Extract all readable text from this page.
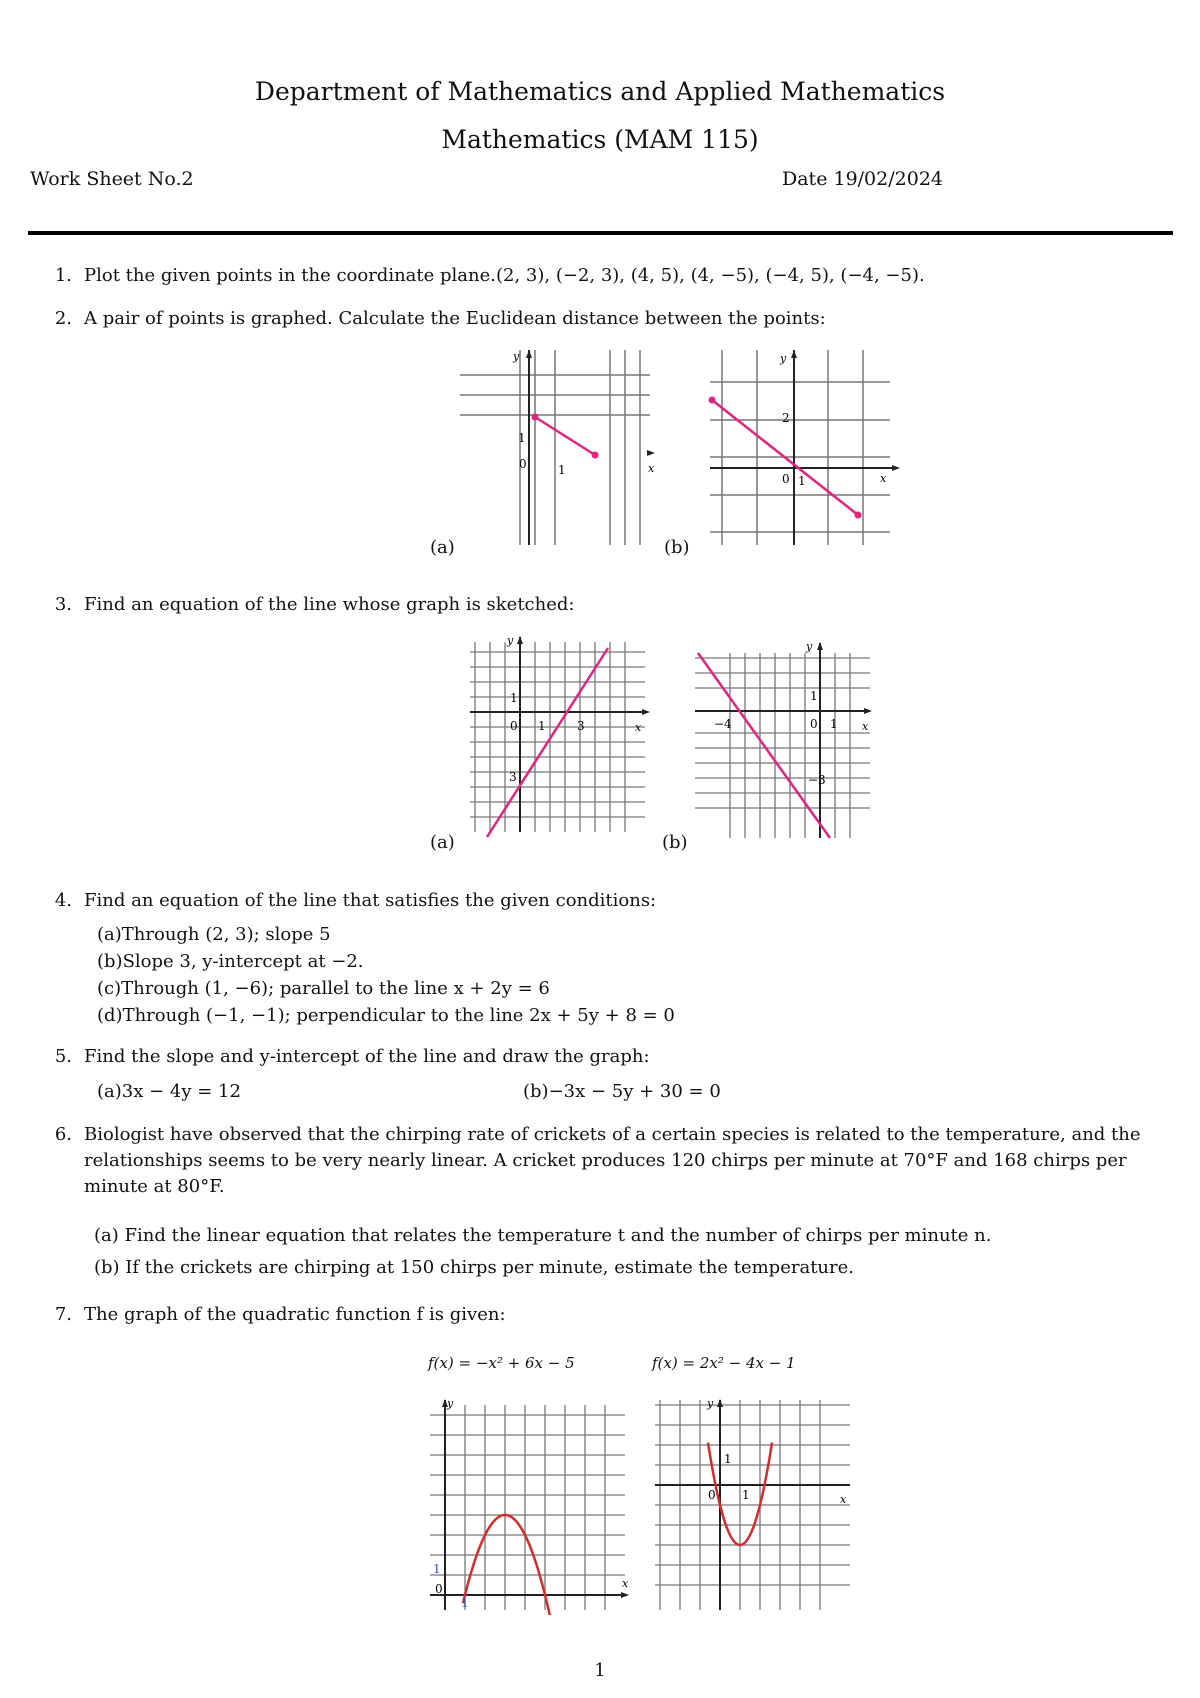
Department of Mathematics and Applied Mathematics
Mathematics (MAM 115)
Work Sheet No.2	Date 19/02/2024
1. Plot the given points in the coordinate plane.(2, 3), (−2, 3), (4, 5), (4, −5), (−4, 5), (−4, −5).
2. A pair of points is graphed. Calculate the Euclidean distance between the points:
y
x
1
0	1
(a)
y
x
2
0 1
(b)
3. Find an equation of the line whose graph is sketched:
y
x
1
0 1	3
3
(a)
y
x
1
−4	0 1
−3
(b)
4. Find an equation of the line that satisfies the given conditions:
(a)Through (2, 3); slope 5
(b)Slope 3, y-intercept at −2.
(c)Through (1, −6); parallel to the line x + 2y = 6
(d)Through (−1, −1); perpendicular to the line 2x + 5y + 8 = 0
5. Find the slope and y-intercept of the line and draw the graph:
(a)3x − 4y = 12	(b)−3x − 5y + 30 = 0
6. Biologist have observed that the chirping rate of crickets of a certain species is related to the temperature, and the
relationships seems to be very nearly linear. A cricket produces 120 chirps per minute at 70°F and 168 chirps per
minute at 80°F.
(a) Find the linear equation that relates the temperature t and the number of chirps per minute n.
(b) If the crickets are chirping at 150 chirps per minute, estimate the temperature.
7. The graph of the quadratic function f is given:
f(x) = −x² + 6x − 5	f(x) = 2x² − 4x − 1
y
x
1
0
1
y
x
1
0 1
1
